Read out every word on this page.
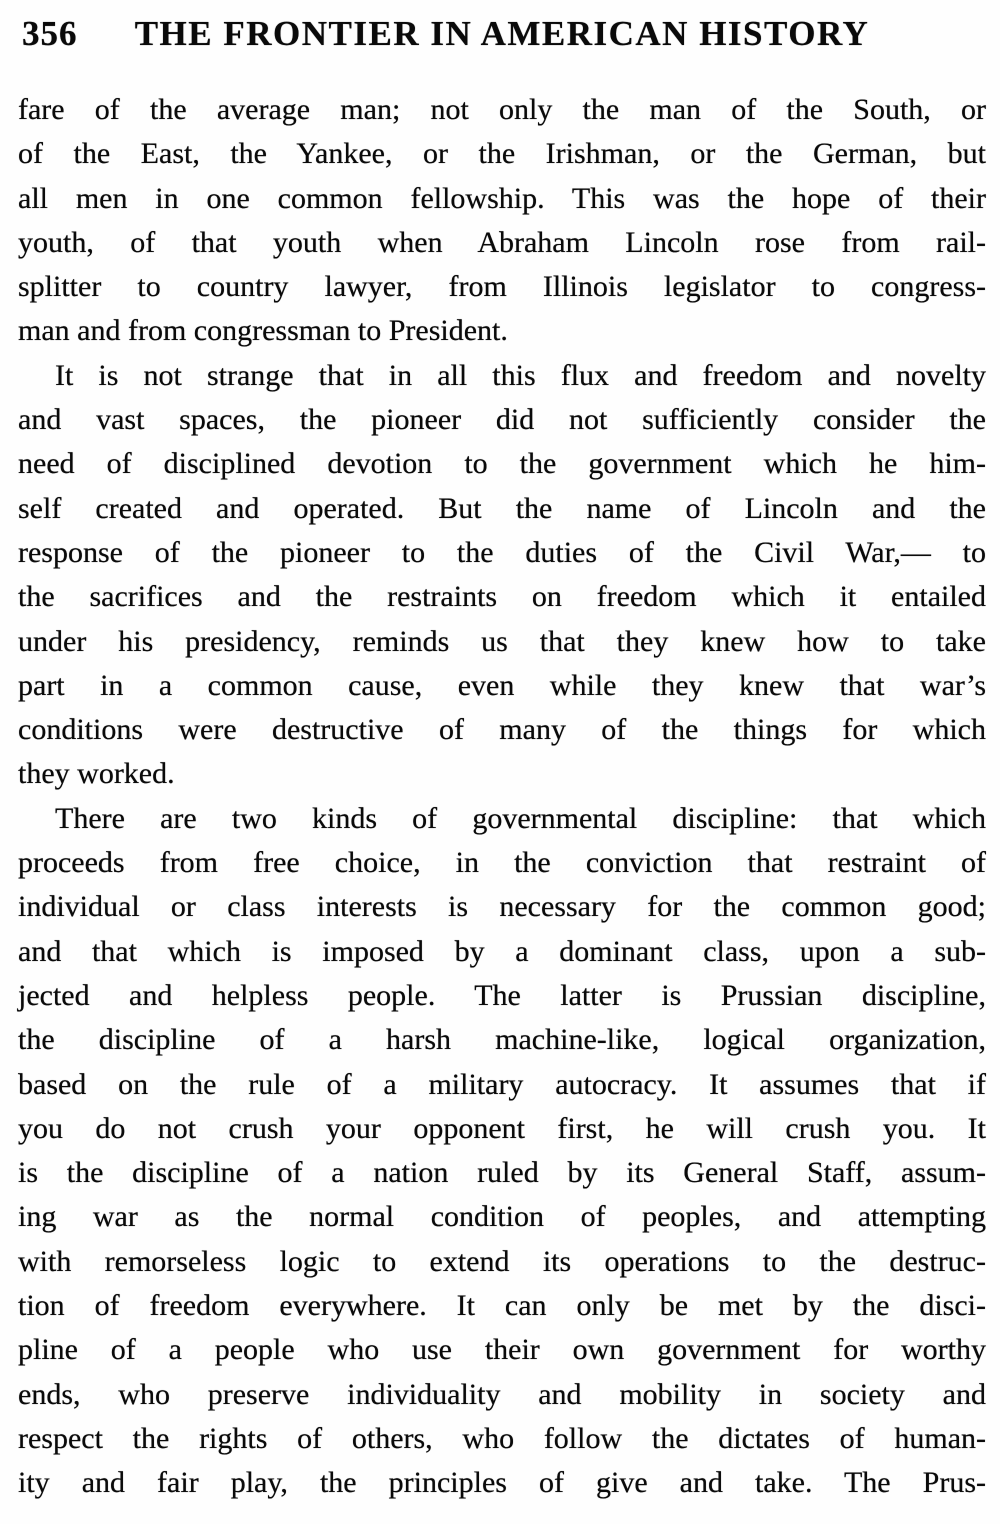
356	THE FRONTIER IN AMERICAN HISTORY
fare of the average man; not only the man of the South, or
of the East, the Yankee, or the Irishman, or the German, but
all men in one common fellowship. This was the hope of their
youth, of that youth when Abraham Lincoln rose from rail-
splitter to country lawyer, from Illinois legislator to congress-
man and from congressman to President.
It is not strange that in all this flux and freedom and novelty
and vast spaces, the pioneer did not sufficiently consider the
need of disciplined devotion to the government which he him-
self created and operated. But the name of Lincoln and the
response of the pioneer to the duties of the Civil War,— to
the sacrifices and the restraints on freedom which it entailed
under his presidency, reminds us that they knew how to take
part in a common cause, even while they knew that war’s
conditions were destructive of many of the things for which
they worked.
There are two kinds of governmental discipline: that which
proceeds from free choice, in the conviction that restraint of
individual or class interests is necessary for the common good;
and that which is imposed by a dominant class, upon a sub-
jected and helpless people. The latter is Prussian discipline,
the discipline of a harsh machine-like, logical organization,
based on the rule of a military autocracy. It assumes that if
you do not crush your opponent first, he will crush you. It
is the discipline of a nation ruled by its General Staff, assum-
ing war as the normal condition of peoples, and attempting
with remorseless logic to extend its operations to the destruc-
tion of freedom everywhere. It can only be met by the disci-
pline of a people who use their own government for worthy
ends, who preserve individuality and mobility in society and
respect the rights of others, who follow the dictates of human-
ity and fair play, the principles of give and take. The Prus-
